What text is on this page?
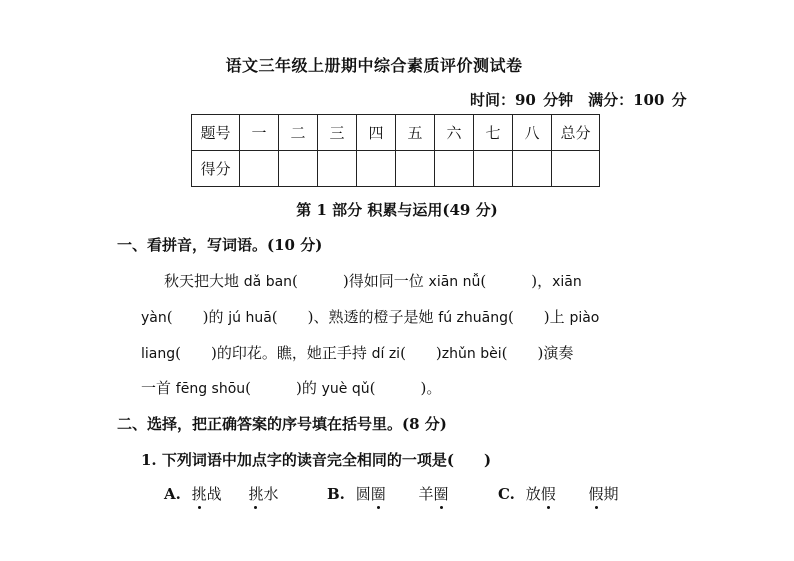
语文三年级上册期中综合素质评价测试卷
时间：90 分钟　满分：100 分
题号	一	二	三	四	五	六	七	八	总分
得分									
第 1 部分 积累与运用(49 分)
一、看拼音，写词语。(10 分)
秋天把大地 dǎ ban(　　　)得如同一位 xiān nǚ(　　　)，xiān
yàn(　　)的 jú huā(　　)、熟透的橙子是她 fú zhuāng(　　)上 piào
liang(　　)的印花。瞧，她正手持 dí zi(　　)zhǔn bèi(　　)演奏
一首 fēng shōu(　　　)的 yuè qǔ(　　　)。
二、选择，把正确答案的序号填在括号里。(8 分)
1. 下列词语中加点字的读音完全相同的一项是(　　)
A. 挑战 挑水	B. 圆圈 羊圈	C. 放假 假期
